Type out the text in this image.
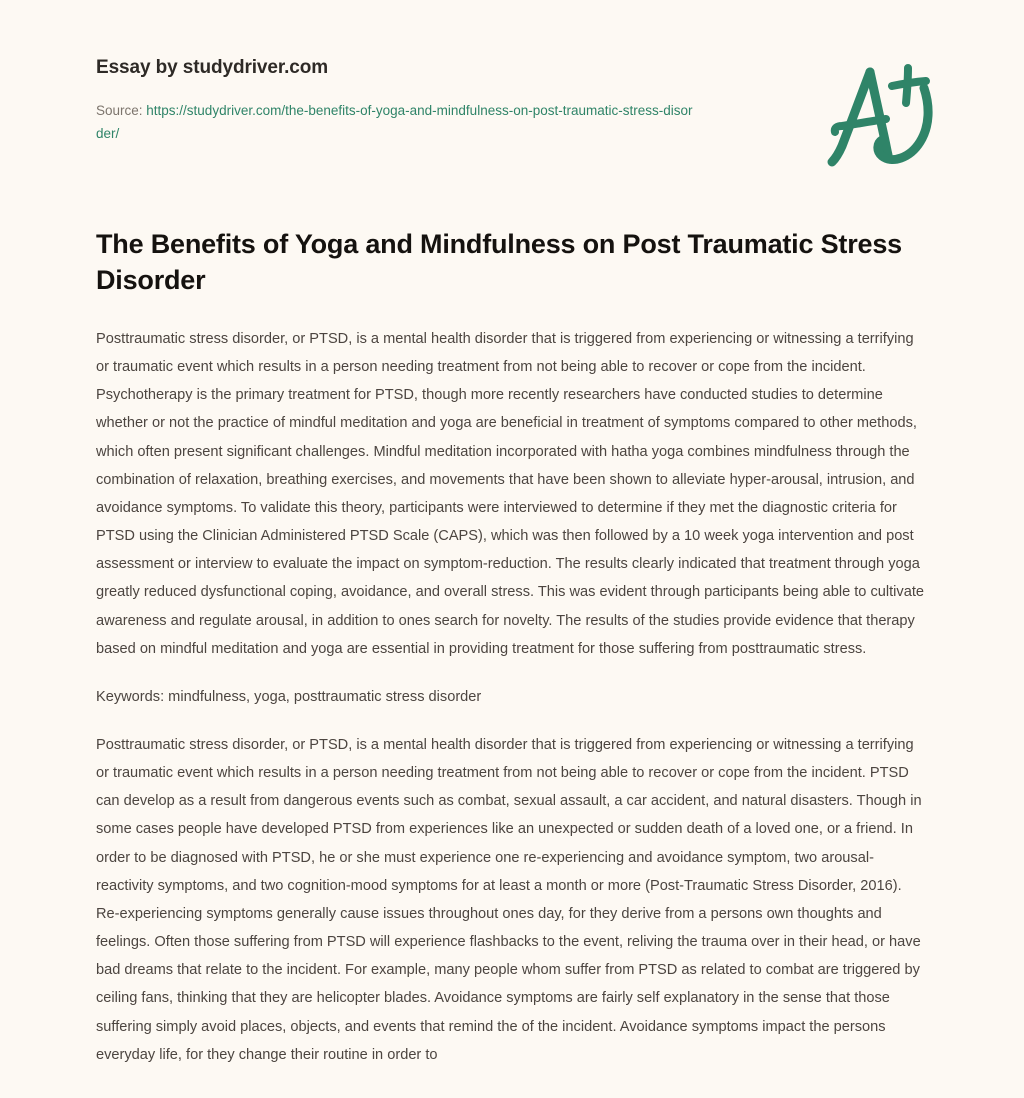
Essay by studydriver.com
Source: https://studydriver.com/the-benefits-of-yoga-and-mindfulness-on-post-traumatic-stress-disorder/
The Benefits of Yoga and Mindfulness on Post Traumatic Stress Disorder

Posttraumatic stress disorder, or PTSD, is a mental health disorder that is triggered from experiencing or witnessing a terrifying or traumatic event which results in a person needing treatment from not being able to recover or cope from the incident. Psychotherapy is the primary treatment for PTSD, though more recently researchers have conducted studies to determine whether or not the practice of mindful meditation and yoga are beneficial in treatment of symptoms compared to other methods, which often present significant challenges. Mindful meditation incorporated with hatha yoga combines mindfulness through the combination of relaxation, breathing exercises, and movements that have been shown to alleviate hyper-arousal, intrusion, and avoidance symptoms. To validate this theory, participants were interviewed to determine if they met the diagnostic criteria for PTSD using the Clinician Administered PTSD Scale (CAPS), which was then followed by a 10 week yoga intervention and post assessment or interview to evaluate the impact on symptom-reduction. The results clearly indicated that treatment through yoga greatly reduced dysfunctional coping, avoidance, and overall stress. This was evident through participants being able to cultivate awareness and regulate arousal, in addition to ones search for novelty. The results of the studies provide evidence that therapy based on mindful meditation and yoga are essential in providing treatment for those suffering from posttraumatic stress.

Keywords: mindfulness, yoga, posttraumatic stress disorder

Posttraumatic stress disorder, or PTSD, is a mental health disorder that is triggered from experiencing or witnessing a terrifying or traumatic event which results in a person needing treatment from not being able to recover or cope from the incident. PTSD can develop as a result from dangerous events such as combat, sexual assault, a car accident, and natural disasters. Though in some cases people have developed PTSD from experiences like an unexpected or sudden death of a loved one, or a friend. In order to be diagnosed with PTSD, he or she must experience one re-experiencing and avoidance symptom, two arousal-reactivity symptoms, and two cognition-mood symptoms for at least a month or more (Post-Traumatic Stress Disorder, 2016). Re-experiencing symptoms generally cause issues throughout ones day, for they derive from a persons own thoughts and feelings. Often those suffering from PTSD will experience flashbacks to the event, reliving the trauma over in their head, or have bad dreams that relate to the incident. For example, many people whom suffer from PTSD as related to combat are triggered by ceiling fans, thinking that they are helicopter blades. Avoidance symptoms are fairly self explanatory in the sense that those suffering simply avoid places, objects, and events that remind the of the incident. Avoidance symptoms impact the persons everyday life, for they change their routine in order to
